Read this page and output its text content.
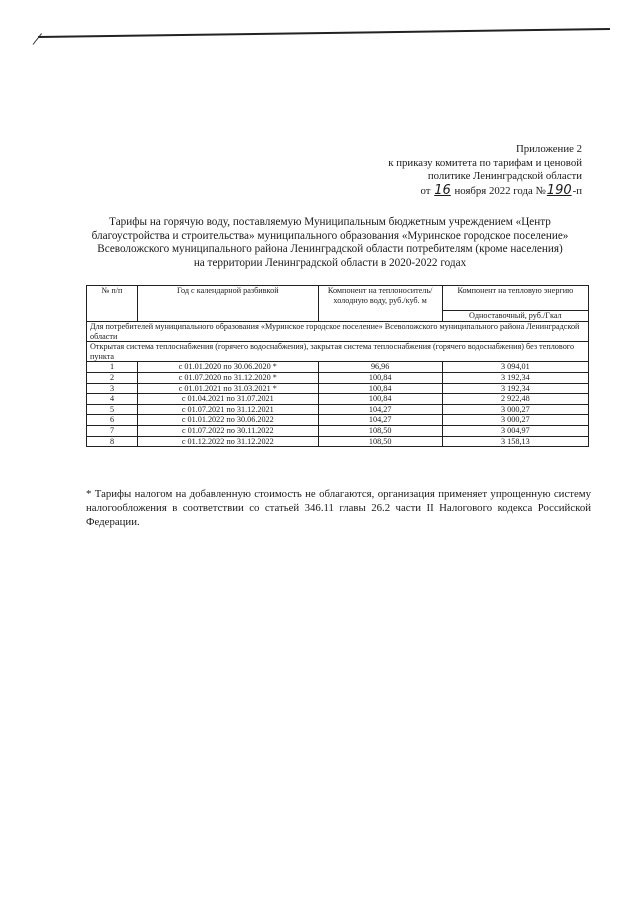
Приложение 2
к приказу комитета по тарифам и ценовой
политике Ленинградской области
от 16 ноября 2022 года №190-п
Тарифы на горячую воду, поставляемую Муниципальным бюджетным учреждением «Центр
благоустройства и строительства» муниципального образования «Муринское городское поселение»
Всеволожского муниципального района Ленинградской области потребителям (кроме населения)
на территории Ленинградской области в 2020-2022 годах
№ п/п	Год с календарной разбивкой	Компонент на теплоноситель/ холодную воду, руб./куб. м	Компонент на тепловую энергию
			Одноставочный, руб./Гкал
Для потребителей муниципального образования «Муринское городское поселение» Всеволожского муниципального района Ленинградской области			
Открытая система теплоснабжения (горячего водоснабжения), закрытая система теплоснабжения (горячего водоснабжения) без теплового пункта			
1	с 01.01.2020 по 30.06.2020 *	96,96	3 094,01
2	с 01.07.2020 по 31.12.2020 *	100,84	3 192,34
3	с 01.01.2021 по 31.03.2021 *	100,84	3 192,34
4	с 01.04.2021 по 31.07.2021	100,84	2 922,48
5	с 01.07.2021 по 31.12.2021	104,27	3 000,27
6	с 01.01.2022 по 30.06.2022	104,27	3 000,27
7	с 01.07.2022 по 30.11.2022	108,50	3 004,97
8	с 01.12.2022 по 31.12.2022	108,50	3 158,13
* Тарифы налогом на добавленную стоимость не облагаются, организация применяет упрощенную систему налогообложения в соответствии со статьей 346.11 главы 26.2 части II Налогового кодекса Российской Федерации.
